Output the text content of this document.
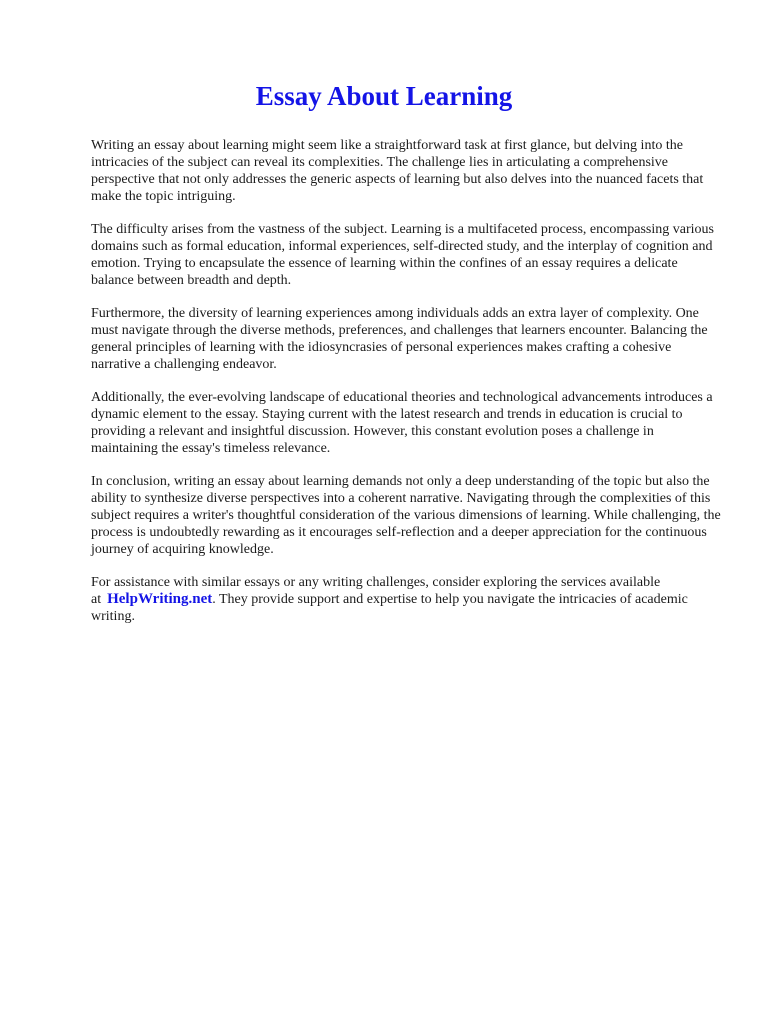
Essay About Learning

Writing an essay about learning might seem like a straightforward task at first glance, but delving into the intricacies of the subject can reveal its complexities. The challenge lies in articulating a comprehensive perspective that not only addresses the generic aspects of learning but also delves into the nuanced facets that make the topic intriguing.

The difficulty arises from the vastness of the subject. Learning is a multifaceted process, encompassing various domains such as formal education, informal experiences, self-directed study, and the interplay of cognition and emotion. Trying to encapsulate the essence of learning within the confines of an essay requires a delicate balance between breadth and depth.

Furthermore, the diversity of learning experiences among individuals adds an extra layer of complexity. One must navigate through the diverse methods, preferences, and challenges that learners encounter. Balancing the general principles of learning with the idiosyncrasies of personal experiences makes crafting a cohesive narrative a challenging endeavor.

Additionally, the ever-evolving landscape of educational theories and technological advancements introduces a dynamic element to the essay. Staying current with the latest research and trends in education is crucial to providing a relevant and insightful discussion. However, this constant evolution poses a challenge in maintaining the essay's timeless relevance.

In conclusion, writing an essay about learning demands not only a deep understanding of the topic but also the ability to synthesize diverse perspectives into a coherent narrative. Navigating through the complexities of this subject requires a writer's thoughtful consideration of the various dimensions of learning. While challenging, the process is undoubtedly rewarding as it encourages self-reflection and a deeper appreciation for the continuous journey of acquiring knowledge.

For assistance with similar essays or any writing challenges, consider exploring the services available at HelpWriting.net. They provide support and expertise to help you navigate the intricacies of academic writing.
